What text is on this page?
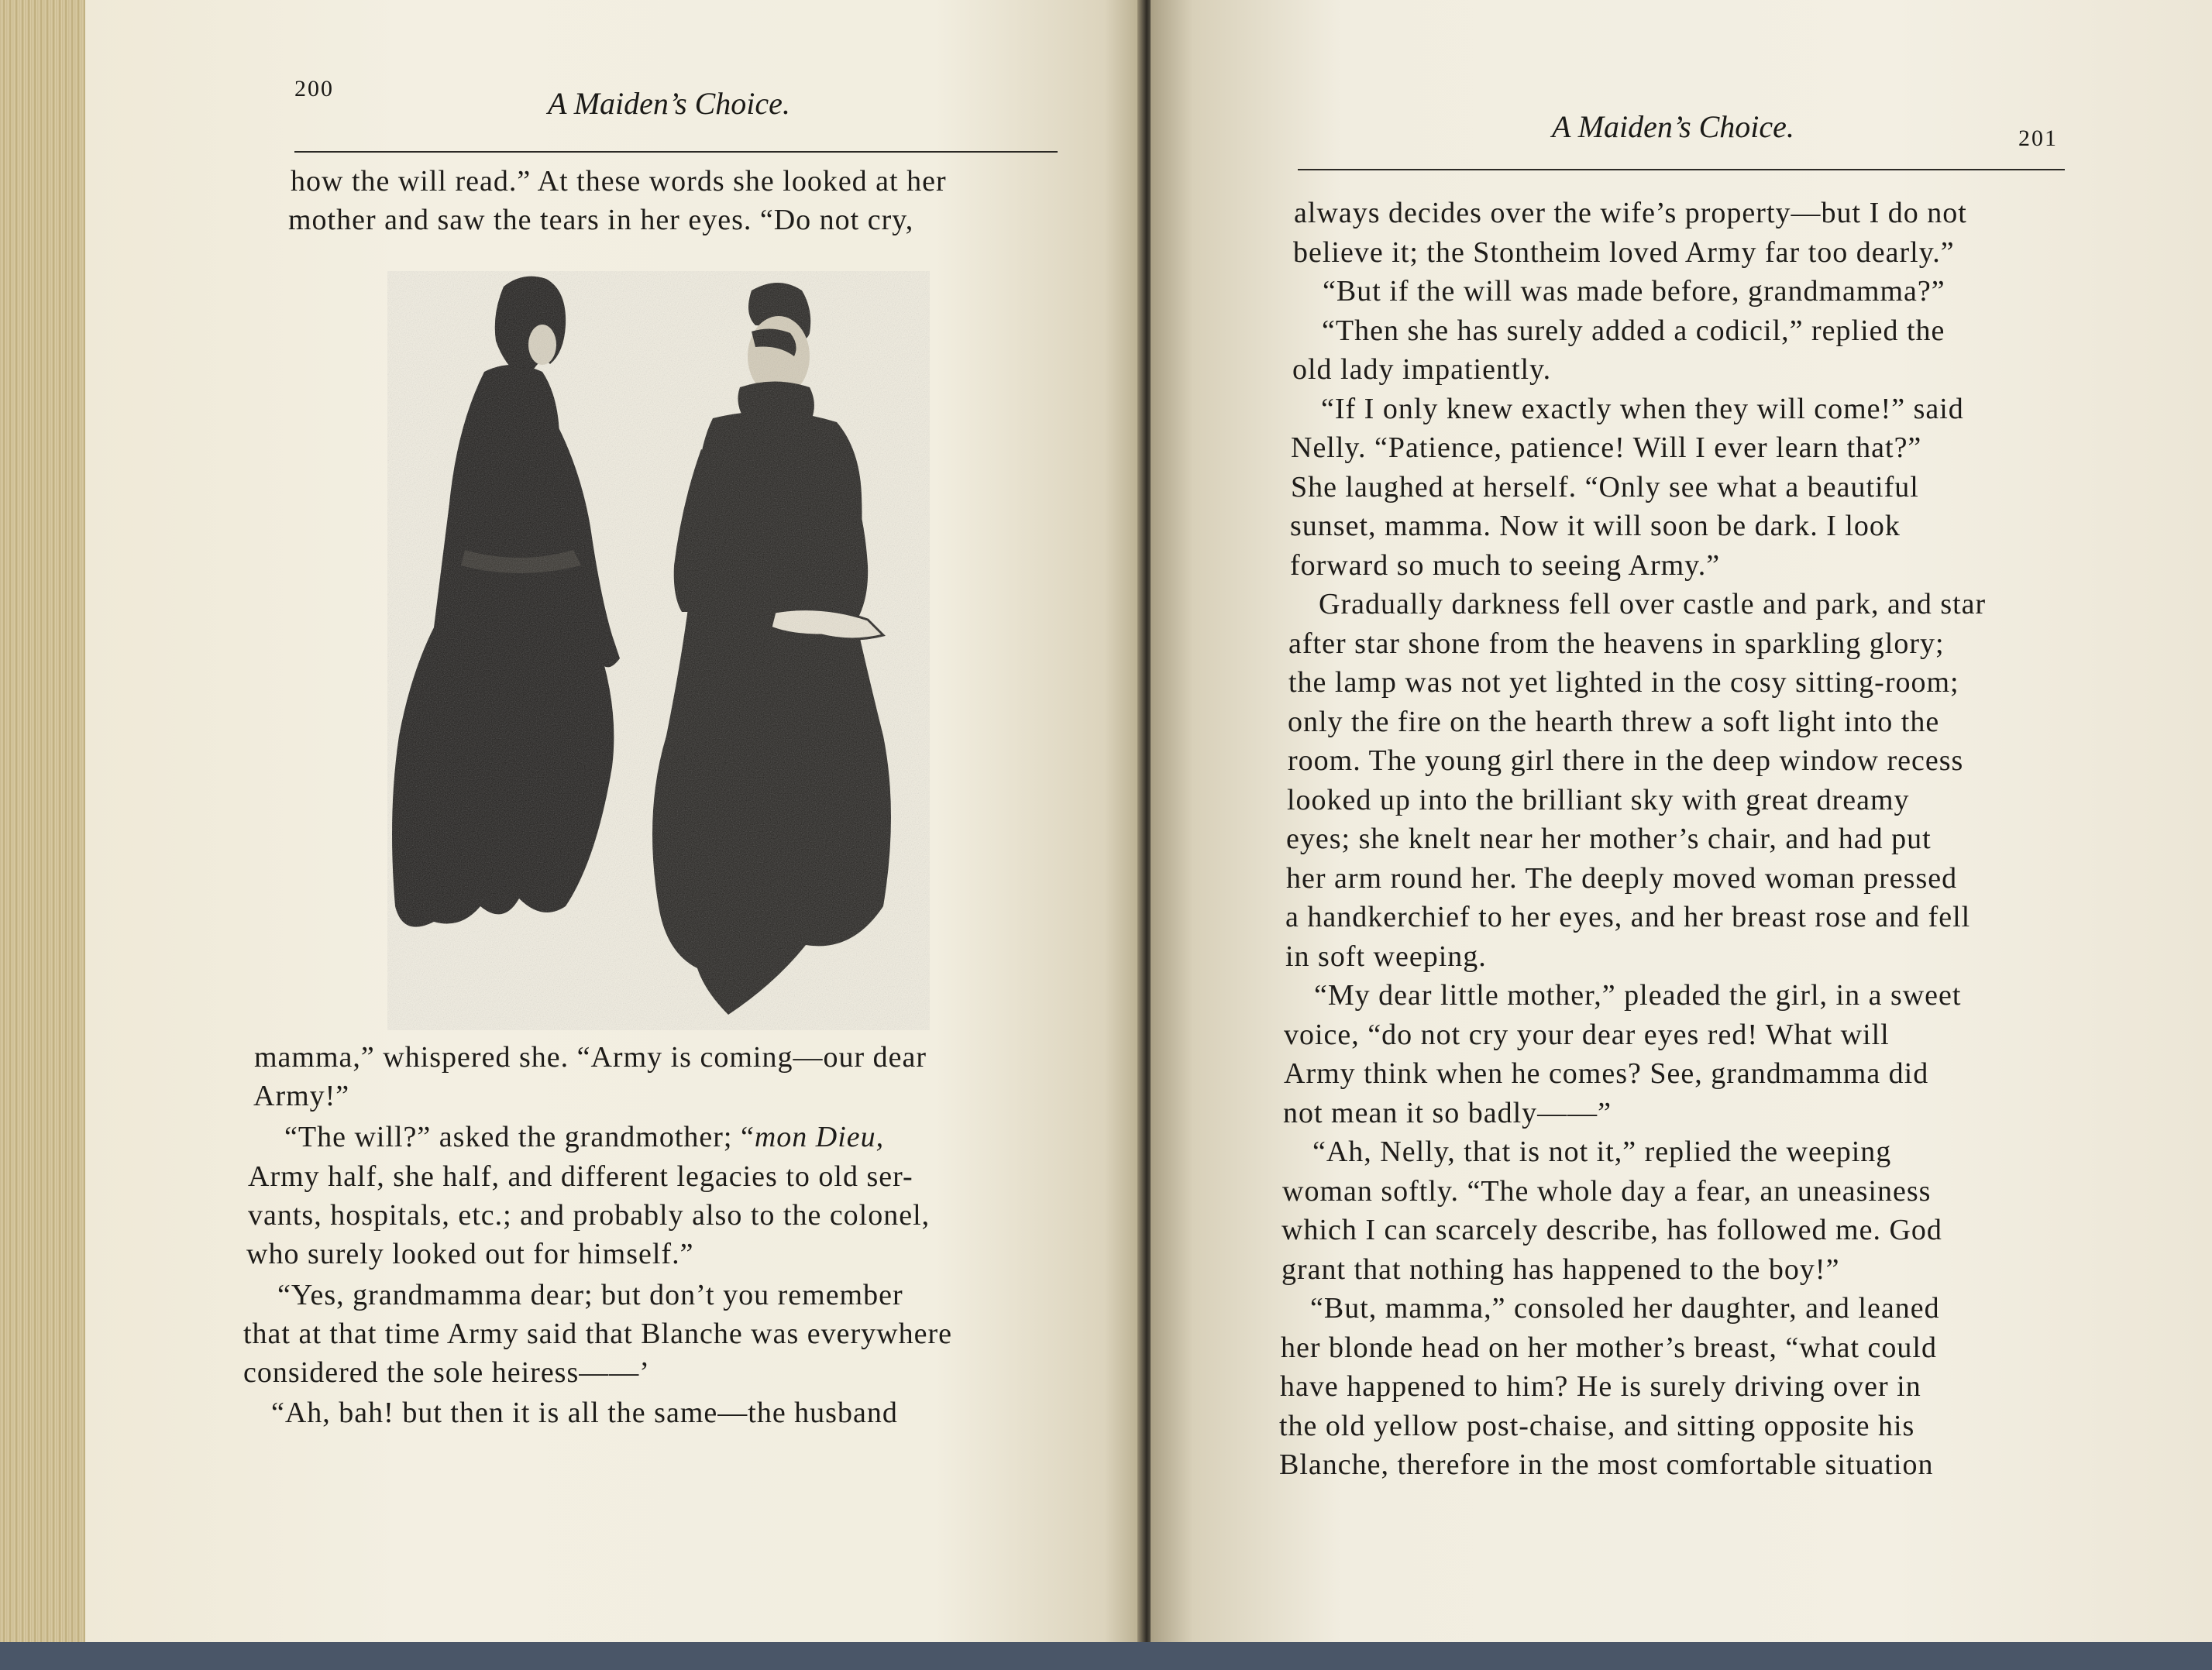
200	A Maiden’s Choice.
how the will read.” At these words she looked at her
mother and saw the tears in her eyes. “Do not cry,
mamma,” whispered she. “Army is coming—our dear
Army!”
“The will?” asked the grandmother; “mon Dieu,
Army half, she half, and different legacies to old ser-
vants, hospitals, etc.; and probably also to the colonel,
who surely looked out for himself.”
“Yes, grandmamma dear; but don’t you remember
that at that time Army said that Blanche was everywhere
considered the sole heiress——’
“Ah, bah! but then it is all the same—the husband
A Maiden’s Choice.	201
always decides over the wife’s property—but I do not
believe it; the Stontheim loved Army far too dearly.”
“But if the will was made before, grandmamma?”
“Then she has surely added a codicil,” replied the
old lady impatiently.
“If I only knew exactly when they will come!” said
Nelly. “Patience, patience! Will I ever learn that?”
She laughed at herself. “Only see what a beautiful
sunset, mamma. Now it will soon be dark. I look
forward so much to seeing Army.”
Gradually darkness fell over castle and park, and star
after star shone from the heavens in sparkling glory;
the lamp was not yet lighted in the cosy sitting-room;
only the fire on the hearth threw a soft light into the
room. The young girl there in the deep window recess
looked up into the brilliant sky with great dreamy
eyes; she knelt near her mother’s chair, and had put
her arm round her. The deeply moved woman pressed
a handkerchief to her eyes, and her breast rose and fell
in soft weeping.
“My dear little mother,” pleaded the girl, in a sweet
voice, “do not cry your dear eyes red! What will
Army think when he comes? See, grandmamma did
not mean it so badly——”
“Ah, Nelly, that is not it,” replied the weeping
woman softly. “The whole day a fear, an uneasiness
which I can scarcely describe, has followed me. God
grant that nothing has happened to the boy!”
“But, mamma,” consoled her daughter, and leaned
her blonde head on her mother’s breast, “what could
have happened to him? He is surely driving over in
the old yellow post-chaise, and sitting opposite his
Blanche, therefore in the most comfortable situation
